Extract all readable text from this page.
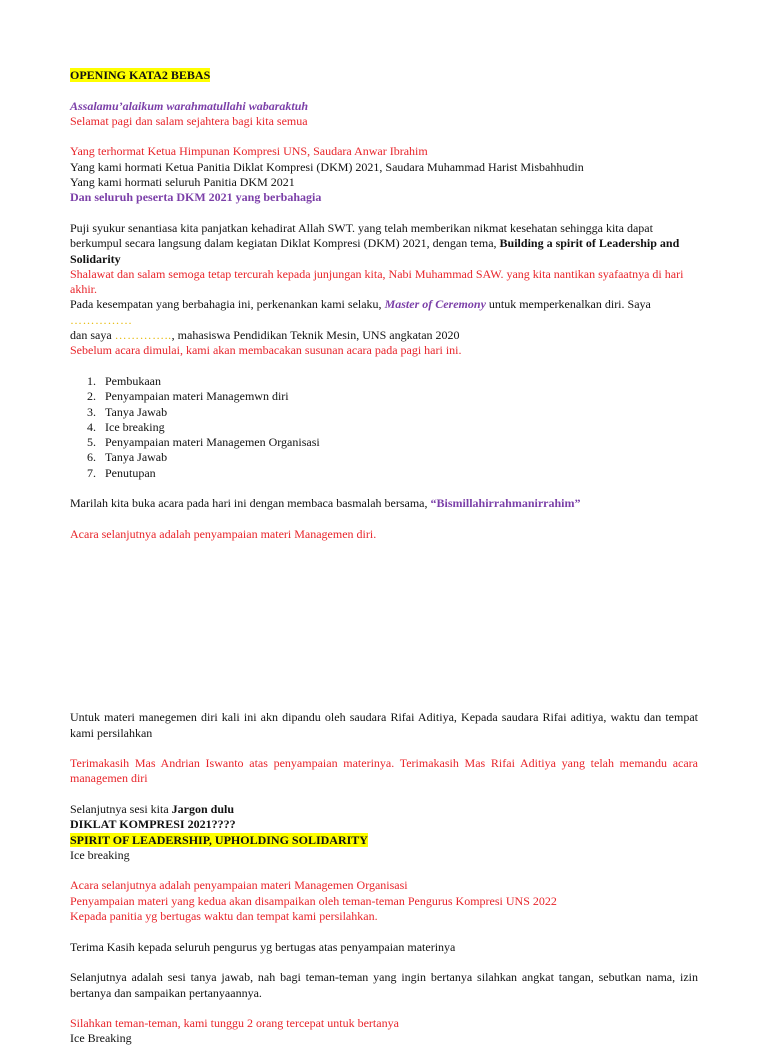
OPENING KATA2 BEBAS

Assalamu’alaikum warahmatullahi wabaraktuh

Selamat pagi dan salam sejahtera bagi kita semua

Yang terhormat Ketua Himpunan Kompresi UNS, Saudara Anwar Ibrahim

Yang kami hormati Ketua Panitia Diklat Kompresi (DKM) 2021, Saudara Muhammad Harist Misbahhudin

Yang kami hormati seluruh Panitia DKM 2021

Dan seluruh peserta DKM 2021 yang berbahagia

Puji syukur senantiasa kita panjatkan kehadirat Allah SWT. yang telah memberikan nikmat kesehatan sehingga kita dapat berkumpul secara langsung dalam kegiatan Diklat Kompresi (DKM) 2021, dengan tema, Building a spirit of Leadership and Solidarity

Shalawat dan salam semoga tetap tercurah kepada junjungan kita, Nabi Muhammad SAW. yang kita nantikan syafaatnya di hari akhir.

Pada kesempatan yang berbahagia ini, perkenankan kami selaku, Master of Ceremony untuk memperkenalkan diri. Saya ……………
dan saya ………….., mahasiswa Pendidikan Teknik Mesin, UNS angkatan 2020

Sebelum acara dimulai, kami akan membacakan susunan acara pada pagi hari ini.

1. Pembukaan
2. Penyampaian materi Managemwn diri
3. Tanya Jawab
4. Ice breaking
5. Penyampaian materi Managemen Organisasi
6. Tanya Jawab
7. Penutupan

Marilah kita buka acara pada hari ini dengan membaca basmalah bersama, “Bismillahirrahmanirrahim”

Acara selanjutnya adalah penyampaian materi Managemen diri.

Untuk materi manegemen diri kali ini akn dipandu oleh saudara Rifai Aditiya, Kepada saudara Rifai aditiya, waktu dan tempat kami persilahkan

Terimakasih Mas Andrian Iswanto atas penyampaian materinya. Terimakasih Mas Rifai Aditiya yang telah memandu acara managemen diri

Selanjutnya sesi kita Jargon dulu

DIKLAT KOMPRESI 2021????

SPIRIT OF LEADERSHIP, UPHOLDING SOLIDARITY

Ice breaking

Acara selanjutnya adalah penyampaian materi Managemen Organisasi

Penyampaian materi yang kedua akan disampaikan oleh teman-teman Pengurus Kompresi UNS 2022

Kepada panitia yg bertugas waktu dan tempat kami persilahkan.

Terima Kasih kepada seluruh pengurus yg bertugas atas penyampaian materinya

Selanjutnya adalah sesi tanya jawab, nah bagi teman-teman yang ingin bertanya silahkan angkat tangan, sebutkan nama, izin bertanya dan sampaikan pertanyaannya.

Silahkan teman-teman, kami tunggu 2 orang tercepat untuk bertanya

Ice Breaking
